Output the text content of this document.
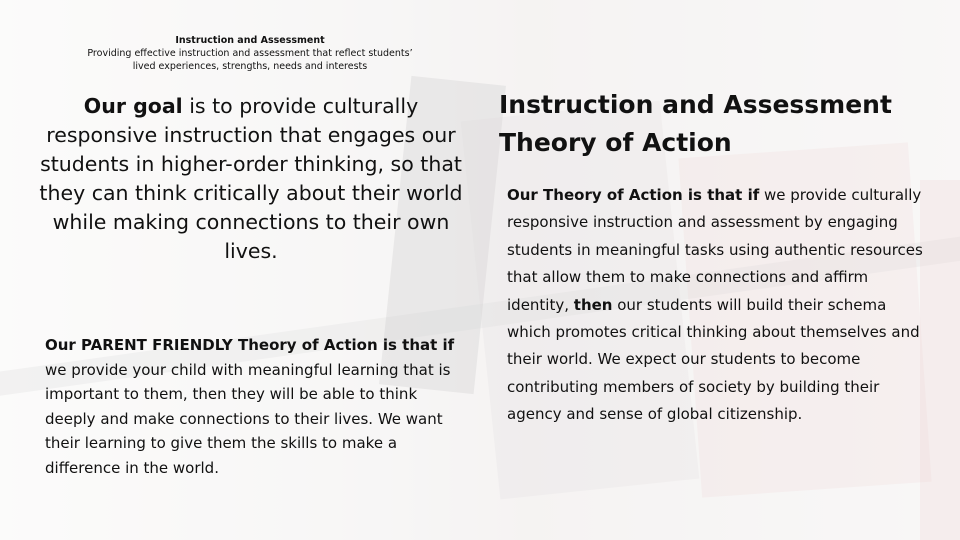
Instruction and Assessment
Providing effective instruction and assessment that reflect students’
lived experiences, strengths, needs and interests
Our goal is to provide culturally responsive instruction that engages our students in higher-order thinking, so that they can think critically about their world while making connections to their own lives.
Our PARENT FRIENDLY Theory of Action is that if we provide your child with meaningful learning that is important to them, then they will be able to think deeply and make connections to their lives. We want their learning to give them the skills to make a difference in the world.
Instruction and Assessment
Theory of Action
Our Theory of Action is that if we provide culturally responsive instruction and assessment by engaging students in meaningful tasks using authentic resources that allow them to make connections and affirm identity, then our students will build their schema which promotes critical thinking about themselves and their world. We expect our students to become contributing members of society by building their agency and sense of global citizenship.
